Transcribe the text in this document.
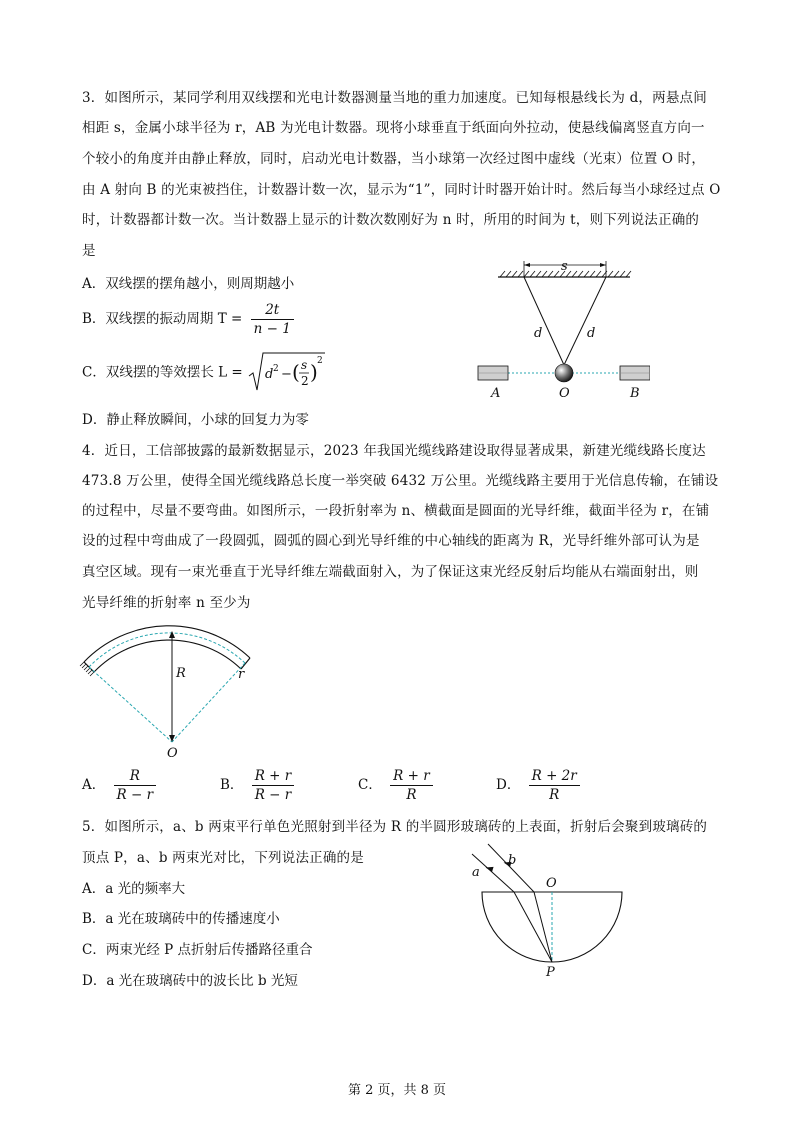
3．如图所示，某同学利用双线摆和光电计数器测量当地的重力加速度。已知每根悬线长为 d，两悬点间
相距 s，金属小球半径为 r，AB 为光电计数器。现将小球垂直于纸面向外拉动，使悬线偏离竖直方向一
个较小的角度并由静止释放，同时，启动光电计数器，当小球第一次经过图中虚线（光束）位置 O 时，
由 A 射向 B 的光束被挡住，计数器计数一次，显示为“1”，同时计时器开始计时。然后每当小球经过点 O
时，计数器都计数一次。当计数器上显示的计数次数刚好为 n 时，所用的时间为 t，则下列说法正确的
是
A．双线摆的摆角越小，则周期越小
B．双线摆的振动周期 $T = \frac{2t}{n - 1}$
C．双线摆的等效摆长 L = d 2 − ( s
2 ) 2
D．静止释放瞬间，小球的回复力为零
s
d	d
A	O	B
4．近日，工信部披露的最新数据显示，2023 年我国光缆线路建设取得显著成果，新建光缆线路长度达
473.8 万公里，使得全国光缆线路总长度一举突破 6432 万公里。光缆线路主要用于光信息传输，在铺设
的过程中，尽量不要弯曲。如图所示，一段折射率为 n、横截面是圆面的光导纤维，截面半径为 r，在铺
设的过程中弯曲成了一段圆弧，圆弧的圆心到光导纤维的中心轴线的距离为 R，光导纤维外部可认为是
真空区域。现有一束光垂直于光导纤维左端截面射入，为了保证这束光经反射后均能从右端面射出，则
光导纤维的折射率 n 至少为
R	r
O
A． $\frac{R}{R - r}$	B． $\frac{R + r}{R - r}$	C． $\frac{R + r}{R}$	D． $\frac{R + 2r}{R}$
5．如图所示，a、b 两束平行单色光照射到半径为 R 的半圆形玻璃砖的上表面，折射后会聚到玻璃砖的
顶点 P，a、b 两束光对比，下列说法正确的是
A．a 光的频率大
B．a 光在玻璃砖中的传播速度小
C．两束光经 P 点折射后传播路径重合
D．a 光在玻璃砖中的波长比 b 光短
a
b
O
P
第 2 页，共 8 页
